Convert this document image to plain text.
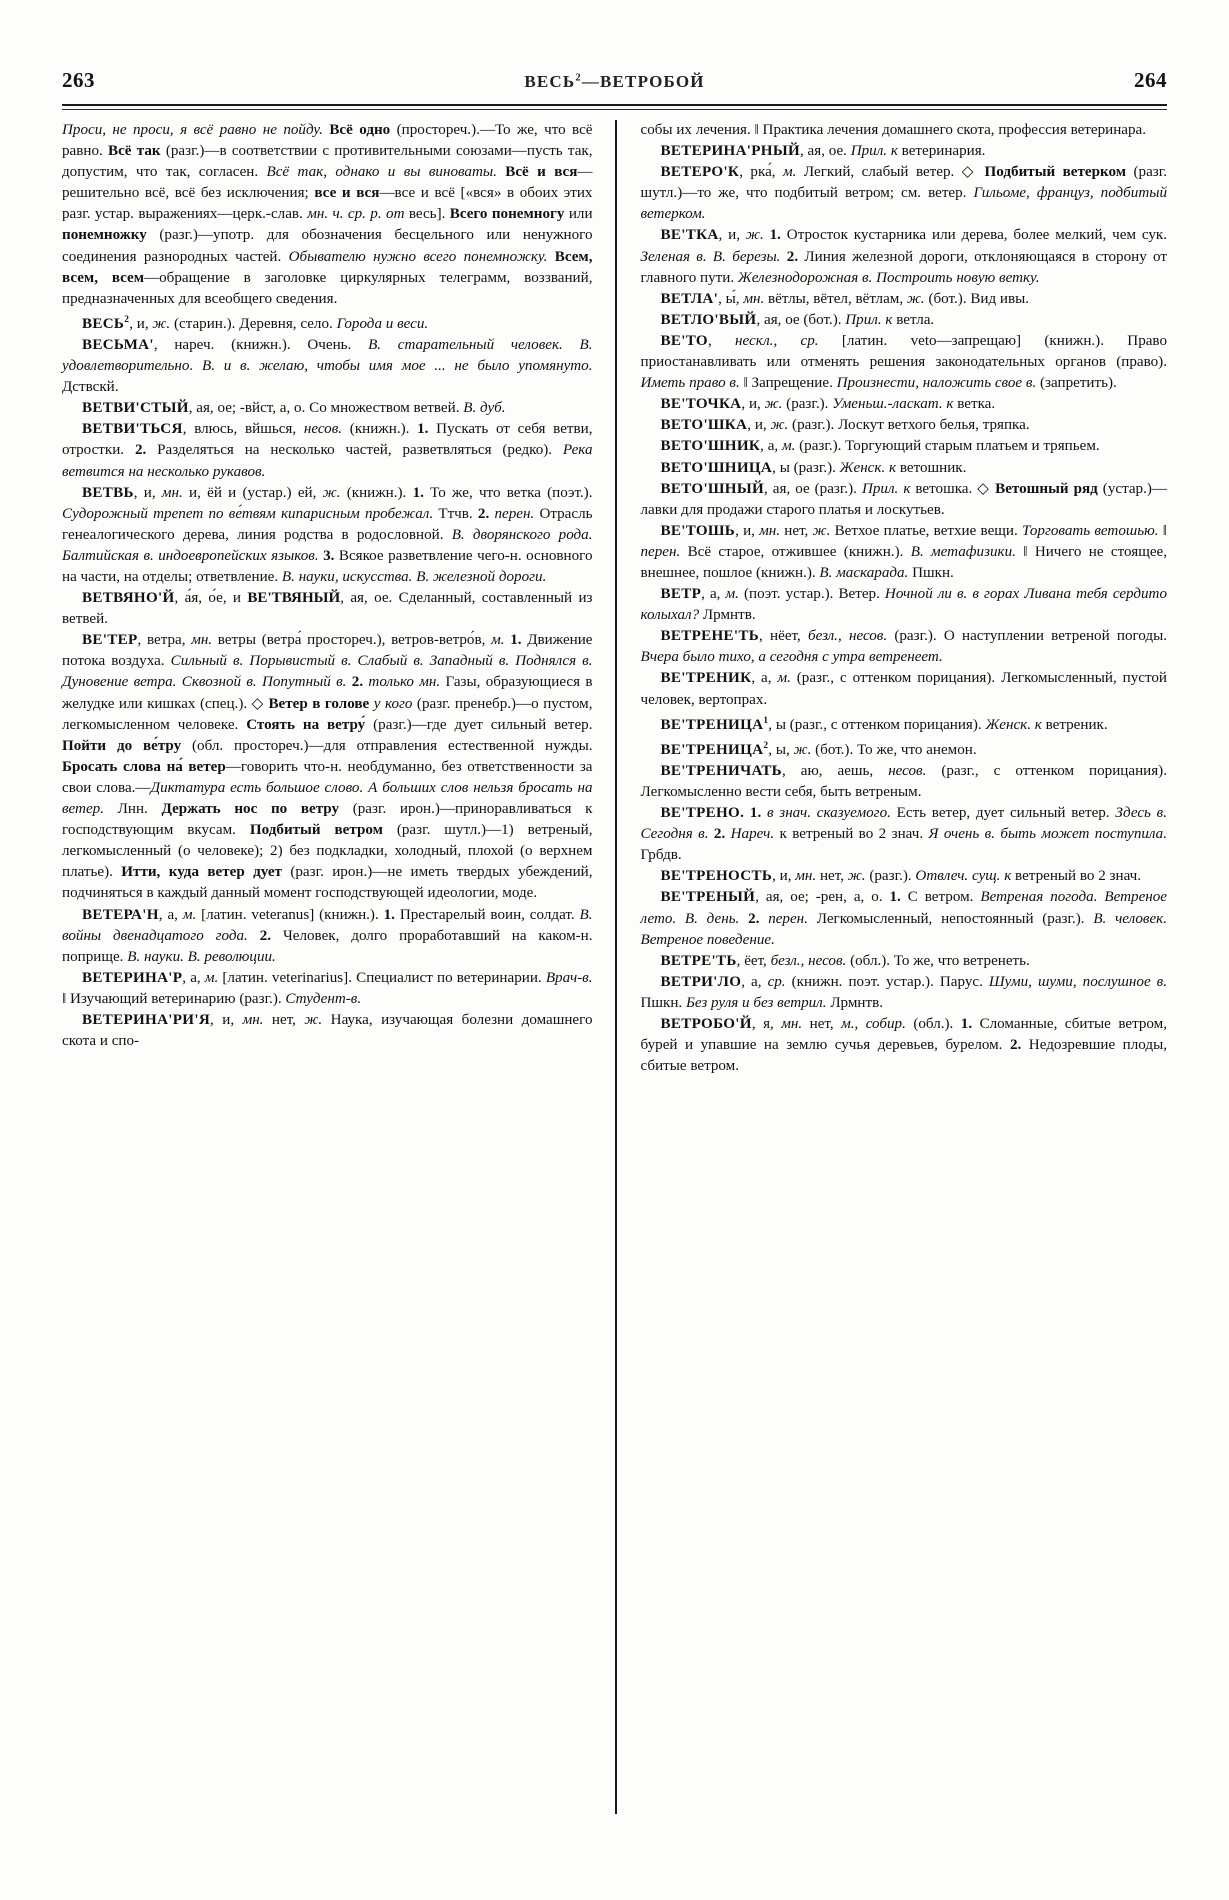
263	ВЕСЬ$^2$—ВЕТРОБОЙ	264

Проси, не проси, я всё равно не пойду. Всё одно (простореч.).—То же, что всё равно. Всё так (разг.)—в соответствии с противительными союзами—пусть так, допустим, что так, согласен. Всё так, однако и вы виноваты. Всё и вся—решительно всё, всё без исключения; все и вся—все и всё [«вся» в обоих этих разг. устар. выражениях—церк.-слав. мн. ч. ср. р. от весь]. Всего понемногу или понемножку (разг.)—употр. для обозначения бесцельного или ненужного соединения разнородных частей. Обывателю нужно всего понемножку. Всем, всем, всем—обращение в заголовке циркулярных телеграмм, воззваний, предназначенных для всеобщего сведения.

ВЕСЬ$^2$, и, ж. (старин.). Деревня, село. Города и веси.

ВЕСЬМА', нареч. (книжн.). Очень. В. старательный человек. В. удовлетворительно. В. и в. желаю, чтобы имя мое ... не было упомянуто. Дствскй.

ВЕТВИ'СТЫЙ, ая, ое; -вйст, а, о. Со множеством ветвей. В. дуб.

ВЕТВИ'ТЬСЯ, влюсь, вйшься, несов. (книжн.). 1. Пускать от себя ветви, отростки. 2. Разделяться на несколько частей, разветвляться (редко). Река ветвится на несколько рукавов.

ВЕТВЬ, и, мн. и, ёй и (устар.) ей, ж. (книжн.). 1. То же, что ветка (поэт.). Судорожный трепет по ве́твям кипарисным пробежал. Ттчв. 2. перен. Отрасль генеалогического дерева, линия родства в родословной. В. дворянского рода. Балтийская в. индоевропейских языков. 3. Всякое разветвление чего-н. основного на части, на отделы; ответвление. В. науки, искусства. В. железной дороги.

ВЕТВЯНО'Й, а́я, о́е, и ВЕ'ТВЯНЫЙ, ая, ое. Сделанный, составленный из ветвей.

ВЕ'ТЕР, ветра, мн. ветры (ветра́ простореч.), ветров-ветро́в, м. 1. Движение потока воздуха. Сильный в. Порывистый в. Слабый в. Западный в. Поднялся в. Дуновение ветра. Сквозной в. Попутный в. 2. только мн. Газы, образующиеся в желудке или кишках (спец.). ◇ Ветер в голове у кого (разг. пренебр.)—о пустом, легкомысленном человеке. Стоять на ветру́ (разг.)—где дует сильный ветер. Пойти до ве́тру (обл. простореч.)—для отправления естественной нужды. Бросать слова на́ ветер—говорить что-н. необдуманно, без ответственности за свои слова.—Диктатура есть большое слово. А больших слов нельзя бросать на ветер. Лнн. Держать нос по ветру (разг. ирон.)—приноравливаться к господствующим вкусам. Подбитый ветром (разг. шутл.)—1) ветреный, легкомысленный (о человеке); 2) без подкладки, холодный, плохой (о верхнем платье). Итти, куда ветер дует (разг. ирон.)—не иметь твердых убеждений, подчиняться в каждый данный момент господствующей идеологии, моде.

ВЕТЕРА'Н, а, м. [латин. veteranus] (книжн.). 1. Престарелый воин, солдат. В. войны двенадцатого года. 2. Человек, долго проработавший на каком-н. поприще. В. науки. В. революции.

ВЕТЕРИНА'Р, а, м. [латин. veterinarius]. Специалист по ветеринарии. Врач-в. ‖ Изучающий ветеринарию (разг.). Студент-в.

ВЕТЕРИНА'РИ'Я, и, мн. нет, ж. Наука, изучающая болезни домашнего скота и спо-

собы их лечения. ‖ Практика лечения домашнего скота, профессия ветеринара.

ВЕТЕРИНА'РНЫЙ, ая, ое. Прил. к ветеринария.

ВЕТЕРО'К, рка́, м. Легкий, слабый ветер. ◇ Подбитый ветерком (разг. шутл.)—то же, что подбитый ветром; см. ветер. Гильоме, француз, подбитый ветерком.

ВЕ'ТКА, и, ж. 1. Отросток кустарника или дерева, более мелкий, чем сук. Зеленая в. В. березы. 2. Линия железной дороги, отклоняющаяся в сторону от главного пути. Железнодорожная в. Построить новую ветку.

ВЕТЛА', ы́, мн. вётлы, вётел, вётлам, ж. (бот.). Вид ивы.

ВЕТЛО'ВЫЙ, ая, ое (бот.). Прил. к ветла.

ВЕ'ТО, нескл., ср. [латин. veto—запрещаю] (книжн.). Право приостанавливать или отменять решения законодательных органов (право). Иметь право в. ‖ Запрещение. Произнести, наложить свое в. (запретить).

ВЕ'ТОЧКА, и, ж. (разг.). Уменьш.-ласкат. к ветка.

ВЕТО'ШКА, и, ж. (разг.). Лоскут ветхого белья, тряпка.

ВЕТО'ШНИК, а, м. (разг.). Торгующий старым платьем и тряпьем.

ВЕТО'ШНИЦА, ы (разг.). Женск. к ветошник.

ВЕТО'ШНЫЙ, ая, ое (разг.). Прил. к ветошка. ◇ Ветошный ряд (устар.)—лавки для продажи старого платья и лоскутьев.

ВЕ'ТОШЬ, и, мн. нет, ж. Ветхое платье, ветхие вещи. Торговать ветошью. ‖ перен. Всё старое, отжившее (книжн.). В. метафизики. ‖ Ничего не стоящее, внешнее, пошлое (книжн.). В. маскарада. Пшкн.

ВЕТР, а, м. (поэт. устар.). Ветер. Ночной ли в. в горах Ливана тебя сердито колыхал? Лрмнтв.

ВЕТРЕНЕ'ТЬ, нёет, безл., несов. (разг.). О наступлении ветреной погоды. Вчера было тихо, а сегодня с утра ветренеет.

ВЕ'ТРЕНИК, а, м. (разг., с оттенком порицания). Легкомысленный, пустой человек, вертопрах.

ВЕ'ТРЕНИЦА$^1$, ы (разг., с оттенком порицания). Женск. к ветреник.

ВЕ'ТРЕНИЦА$^2$, ы, ж. (бот.). То же, что анемон.

ВЕ'ТРЕНИЧАТЬ, аю, аешь, несов. (разг., с оттенком порицания). Легкомысленно вести себя, быть ветреным.

ВЕ'ТРЕНО. 1. в знач. сказуемого. Есть ветер, дует сильный ветер. Здесь в. Сегодня в. 2. Нареч. к ветреный во 2 знач. Я очень в. быть может поступила. Грбдв.

ВЕ'ТРЕНОСТЬ, и, мн. нет, ж. (разг.). Отвлеч. сущ. к ветреный во 2 знач.

ВЕ'ТРЕНЫЙ, ая, ое; -рен, а, о. 1. С ветром. Ветреная погода. Ветреное лето. В. день. 2. перен. Легкомысленный, непостоянный (разг.). В. человек. Ветреное поведение.

ВЕТРЕ'ТЬ, ёет, безл., несов. (обл.). То же, что ветренеть.

ВЕТРИ'ЛО, а, ср. (книжн. поэт. устар.). Парус. Шуми, шуми, послушное в. Пшкн. Без руля и без ветрил. Лрмнтв.

ВЕТРОБО'Й, я, мн. нет, м., собир. (обл.). 1. Сломанные, сбитые ветром, бурей и упавшие на землю сучья деревьев, бурелом. 2. Недозревшие плоды, сбитые ветром.
